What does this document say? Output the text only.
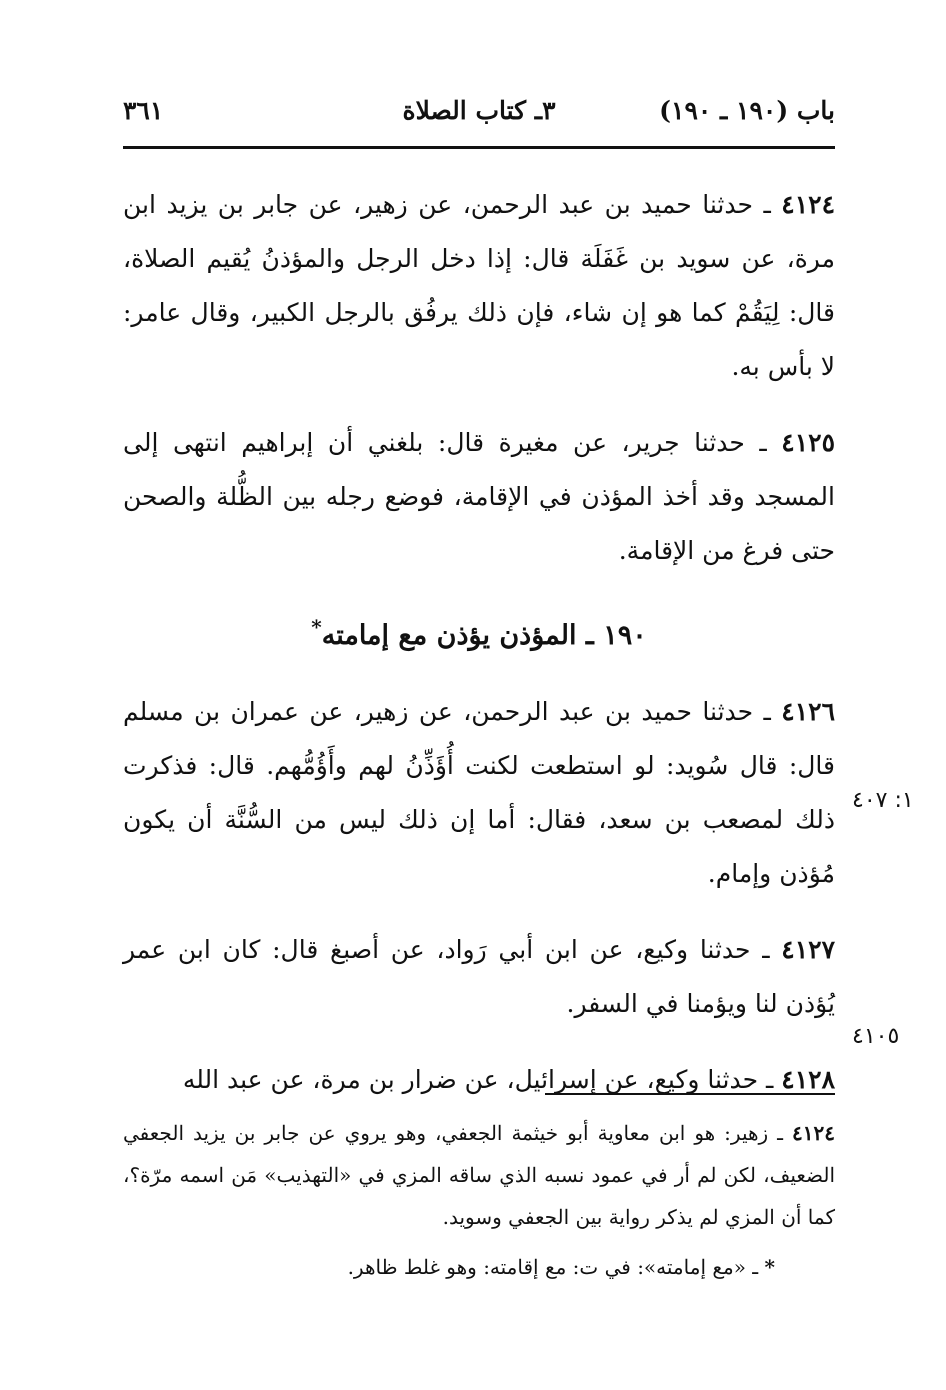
باب (١٩٠ ـ ١٩٠)
٣ـ كتاب الصلاة
٣٦١

٤١٢٤ ـ حدثنا حميد بن عبد الرحمن، عن زهير، عن جابر بن يزيد ابن مرة، عن سويد بن غَفَلَة قال: إذا دخل الرجل والمؤذنُ يُقيم الصلاة، قال: لِيَقُمْ كما هو إن شاء، فإن ذلك يرفُق بالرجل الكبير، وقال عامر: لا بأس به.

٤١٢٥ ـ حدثنا جرير، عن مغيرة قال: بلغني أن إبراهيم انتهى إلى المسجد وقد أخذ المؤذن في الإقامة، فوضع رجله بين الظُّلة والصحن حتى فرغ من الإقامة.

١٩٠ ـ المؤذن يؤذن مع إمامته*

٤١٢٦ ـ حدثنا حميد بن عبد الرحمن، عن زهير، عن عمران بن مسلم قال: قال سُويد: لو استطعت لكنت أُؤَذِّنُ لهم وأَؤُمُّهم. قال: فذكرت ذلك لمصعب بن سعد، فقال: أما إن ذلك ليس من السُّنَّة أن يكون مُؤذن وإمام.

٤١٢٧ ـ حدثنا وكيع، عن ابن أبي رَواد، عن أصبغ قال: كان ابن عمر يُؤذن لنا ويؤمنا في السفر.

٤١٢٨ ـ حدثنا وكيع، عن إسرائيل، عن ضرار بن مرة، عن عبد الله

١: ٤٠٧
٤١٠٥

٤١٢٤ ـ زهير: هو ابن معاوية أبو خيثمة الجعفي، وهو يروي عن جابر بن يزيد الجعفي الضعيف، لكن لم أر في عمود نسبه الذي ساقه المزي في «التهذيب» مَن اسمه مرّة؟، كما أن المزي لم يذكر رواية بين الجعفي وسويد.

* ـ «مع إمامته»: في ت: مع إقامته: وهو غلط ظاهر.
